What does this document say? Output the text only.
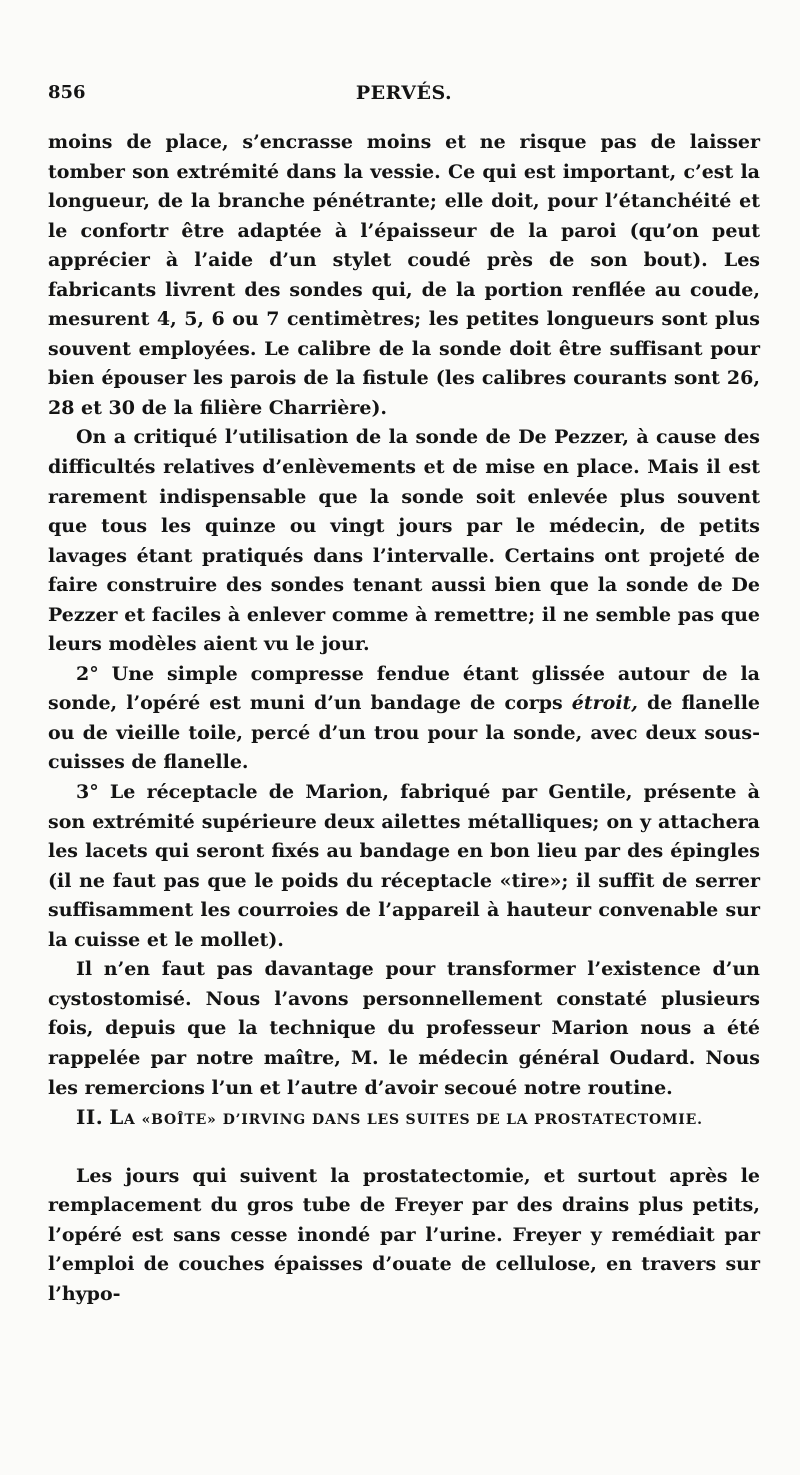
856	PERVÉS.

moins de place, s’encrasse moins et ne risque pas de laisser tomber son extrémité dans la vessie. Ce qui est important, c’est la longueur, de la branche pénétrante; elle doit, pour l’étanchéité et le confortr être adaptée à l’épaisseur de la paroi (qu’on peut apprécier à l’aide d’un stylet coudé près de son bout). Les fabricants livrent des sondes qui, de la portion renflée au coude, mesurent 4, 5, 6 ou 7 centimètres; les petites longueurs sont plus souvent employées. Le calibre de la sonde doit être suffisant pour bien épouser les parois de la fistule (les calibres courants sont 26, 28 et 30 de la filière Charrière).

On a critiqué l’utilisation de la sonde de De Pezzer, à cause des difficultés relatives d’enlèvements et de mise en place. Mais il est rarement indispensable que la sonde soit enlevée plus souvent que tous les quinze ou vingt jours par le médecin, de petits lavages étant pratiqués dans l’intervalle. Certains ont projeté de faire construire des sondes tenant aussi bien que la sonde de De Pezzer et faciles à enlever comme à remettre; il ne semble pas que leurs modèles aient vu le jour.

2° Une simple compresse fendue étant glissée autour de la sonde, l’opéré est muni d’un bandage de corps étroit, de flanelle ou de vieille toile, percé d’un trou pour la sonde, avec deux sous-cuisses de flanelle.

3° Le réceptacle de Marion, fabriqué par Gentile, présente à son extrémité supérieure deux ailettes métalliques; on y attachera les lacets qui seront fixés au bandage en bon lieu par des épingles (il ne faut pas que le poids du réceptacle «tire»; il suffit de serrer suffisamment les courroies de l’appareil à hauteur convenable sur la cuisse et le mollet).

Il n’en faut pas davantage pour transformer l’existence d’un cystostomisé. Nous l’avons personnellement constaté plusieurs fois, depuis que la technique du professeur Marion nous a été rappelée par notre maître, M. le médecin général Oudard. Nous les remercions l’un et l’autre d’avoir secoué notre routine.

II. LA «BOÎTE» D’IRVING DANS LES SUITES DE LA PROSTATECTOMIE.

Les jours qui suivent la prostatectomie, et surtout après le remplacement du gros tube de Freyer par des drains plus petits, l’opéré est sans cesse inondé par l’urine. Freyer y remédiait par l’emploi de couches épaisses d’ouate de cellulose, en travers sur l’hypo-
